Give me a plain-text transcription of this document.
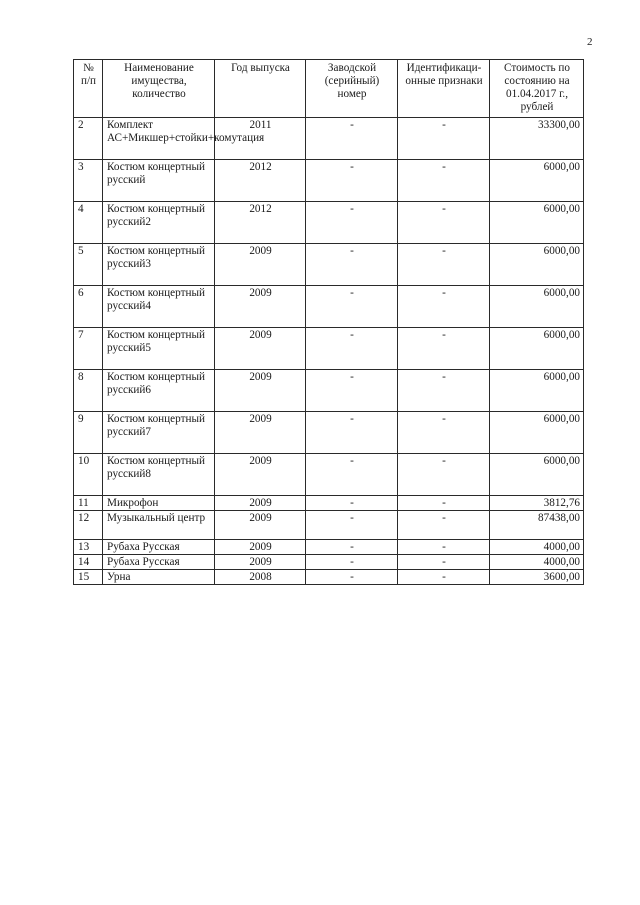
2
№ п/п	Наименование имущества, количество	Год выпуска	Заводской (серийный) номер	Идентификаци-онные признаки	Стоимость по состоянию на 01.04.2017 г., рублей
2	Комплект АС+Микшер+стойки+комутация	2011	-	-	33300,00
3	Костюм концертный русский	2012	-	-	6000,00
4	Костюм концертный русский2	2012	-	-	6000,00
5	Костюм концертный русский3	2009	-	-	6000,00
6	Костюм концертный русский4	2009	-	-	6000,00
7	Костюм концертный русский5	2009	-	-	6000,00
8	Костюм концертный русский6	2009	-	-	6000,00
9	Костюм концертный русский7	2009	-	-	6000,00
10	Костюм концертный русский8	2009	-	-	6000,00
11	Микрофон	2009	-	-	3812,76
12	Музыкальный центр	2009	-	-	87438,00
13	Рубаха Русская	2009	-	-	4000,00
14	Рубаха Русская	2009	-	-	4000,00
15	Урна	2008	-	-	3600,00
